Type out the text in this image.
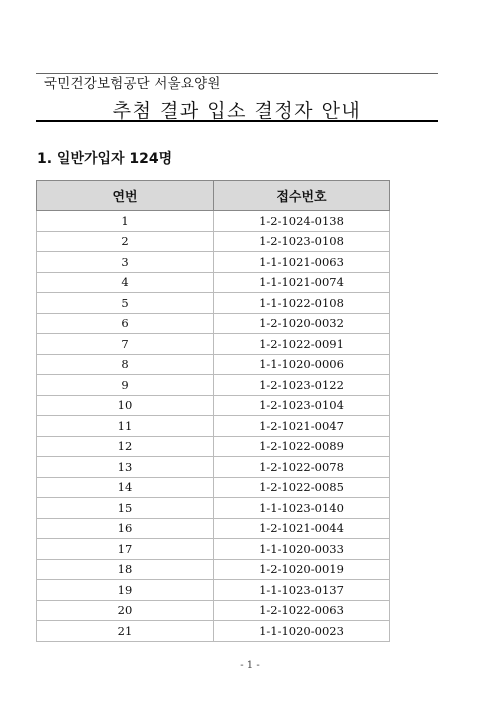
국민건강보험공단 서울요양원
추첨 결과 입소 결정자 안내
1. 일반가입자 124명
연번	접수번호
1	1-2-1024-0138
2	1-2-1023-0108
3	1-1-1021-0063
4	1-1-1021-0074
5	1-1-1022-0108
6	1-2-1020-0032
7	1-2-1022-0091
8	1-1-1020-0006
9	1-2-1023-0122
10	1-2-1023-0104
11	1-2-1021-0047
12	1-2-1022-0089
13	1-2-1022-0078
14	1-2-1022-0085
15	1-1-1023-0140
16	1-2-1021-0044
17	1-1-1020-0033
18	1-2-1020-0019
19	1-1-1023-0137
20	1-2-1022-0063
21	1-1-1020-0023
- 1 -
